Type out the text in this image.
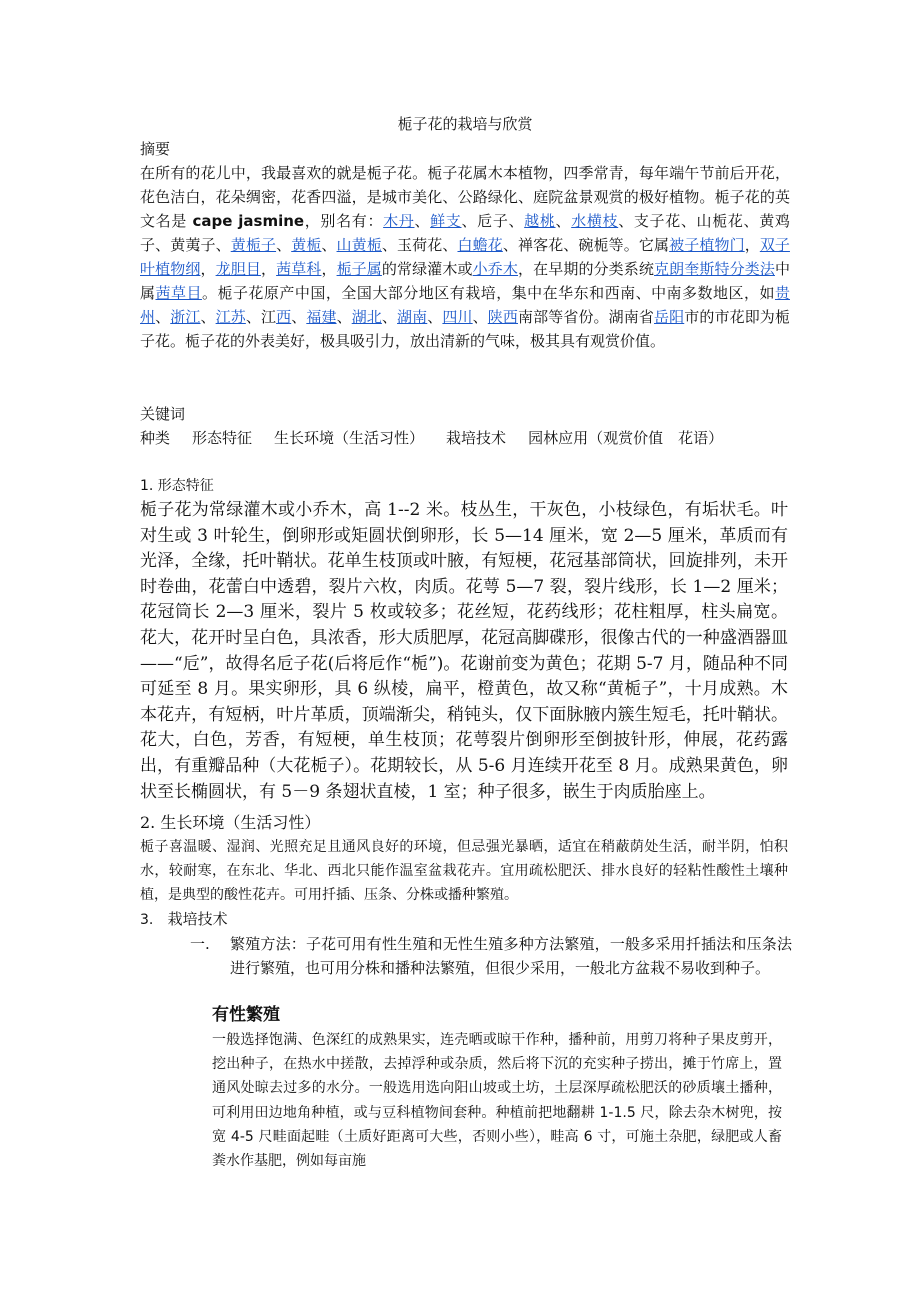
栀子花的栽培与欣赏
摘要
在所有的花儿中，我最喜欢的就是栀子花。栀子花属木本植物，四季常青，每年端午节前后开花，花色洁白，花朵绸密，花香四溢，是城市美化、公路绿化、庭院盆景观赏的极好植物。栀子花的英文名是 cape jasmine，别名有：木丹、鲜支、卮子、越桃、水横枝、支子花、山栀花、黄鸡子、黄荑子、黄栀子、黄栀、山黄栀、玉荷花、白蟾花、禅客花、碗栀等。它属被子植物门，双子叶植物纲，龙胆目，茜草科，栀子属的常绿灌木或小乔木，在早期的分类系统克朗奎斯特分类法中属茜草目。栀子花原产中国，全国大部分地区有栽培，集中在华东和西南、中南多数地区，如贵州、浙江、江苏、江西、福建、湖北、湖南、四川、陕西南部等省份。湖南省岳阳市的市花即为栀子花。栀子花的外表美好，极具吸引力，放出清新的气味，极其具有观赏价值。
关键词
种类 形态特征 生长环境（生活习性） 栽培技术 园林应用（观赏价值　花语）
1. 形态特征
栀子花为常绿灌木或小乔木，高 1--2 米。枝丛生，干灰色，小枝绿色，有垢状毛。叶对生或 3 叶轮生，倒卵形或矩圆状倒卵形，长 5—14 厘米，宽 2—5 厘米，革质而有光泽，全缘，托叶鞘状。花单生枝顶或叶腋，有短梗，花冠基部筒状，回旋排列，未开时卷曲，花蕾白中透碧，裂片六枚，肉质。花萼 5—7 裂，裂片线形，长 1—2 厘米；花冠筒长 2—3 厘米，裂片 5 枚或较多；花丝短，花药线形；花柱粗厚，柱头扁宽。花大，花开时呈白色，具浓香，形大质肥厚，花冠高脚碟形，很像古代的一种盛酒器皿——“卮”，故得名卮子花(后将卮作“栀”)。花谢前变为黄色；花期 5-7 月，随品种不同可延至 8 月。果实卵形，具 6 纵棱，扁平，橙黄色，故又称“黄栀子”，十月成熟。木本花卉，有短柄，叶片革质，顶端渐尖，稍钝头，仅下面脉腋内簇生短毛，托叶鞘状。花大，白色，芳香，有短梗，单生枝顶；花萼裂片倒卵形至倒披针形，伸展，花药露出，有重瓣品种（大花栀子）。花期较长，从 5-6 月连续开花至 8 月。成熟果黄色，卵状至长椭圆状，有 5－9 条翅状直棱，1 室；种子很多，嵌生于肉质胎座上。
2. 生长环境（生活习性）
栀子喜温暖、湿润、光照充足且通风良好的环境，但忌强光暴晒，适宜在稍蔽荫处生活，耐半阴，怕积水，较耐寒，在东北、华北、西北只能作温室盆栽花卉。宜用疏松肥沃、排水良好的轻粘性酸性土壤种植，是典型的酸性花卉。可用扦插、压条、分株或播种繁殖。
3. 栽培技术
一. 繁殖方法：子花可用有性生殖和无性生殖多种方法繁殖，一般多采用扦插法和压条法进行繁殖，也可用分株和播种法繁殖，但很少采用，一般北方盆栽不易收到种子。
有性繁殖
一般选择饱满、色深红的成熟果实，连壳晒或晾干作种，播种前，用剪刀将种子果皮剪开，挖出种子，在热水中搓散，去掉浮种或杂质，然后将下沉的充实种子捞出，摊于竹席上，置通风处晾去过多的水分。一般选用选向阳山坡或土坊，土层深厚疏松肥沃的砂质壤土播种，可利用田边地角种植，或与豆科植物间套种。种植前把地翻耕 1-1.5 尺，除去杂木树兜，按宽 4-5 尺畦面起畦（土质好距离可大些，否则小些），畦高 6 寸，可施土杂肥，绿肥或人畜粪水作基肥，例如每亩施
